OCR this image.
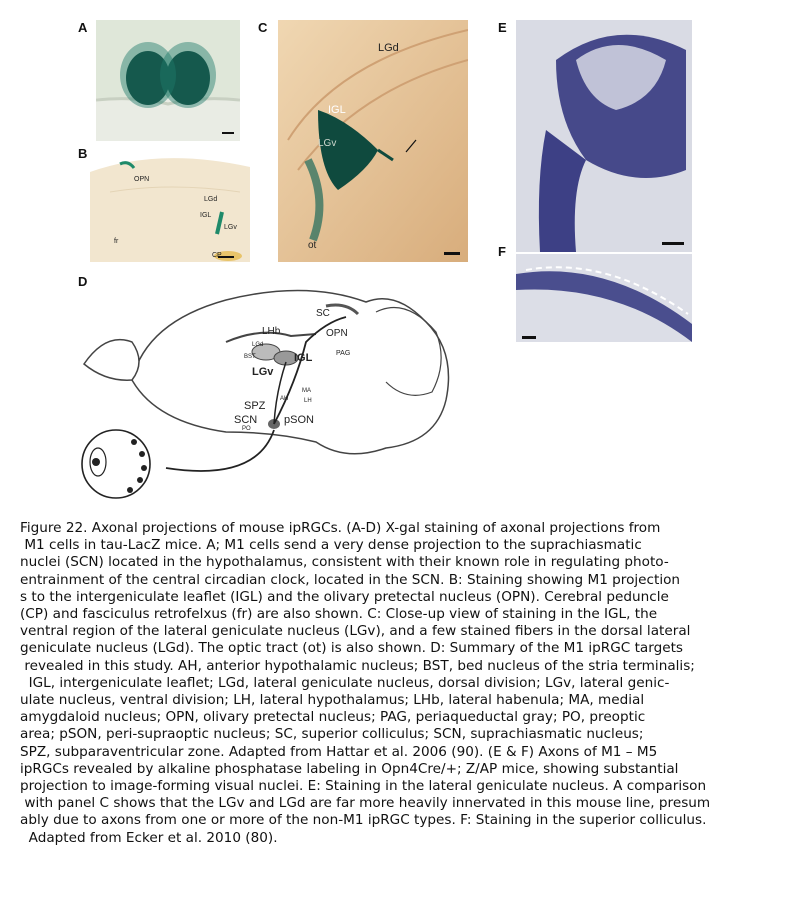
A
B
OPN
LGd
IGL
LGv
CP
fr
C
LGd
IGL
LGv
ot
E
F
D
SC
OPN
LHb
LGd
BST	IGL
LGv
PAG
MA
AH	LH
SPZ
SCN
PO
pSON
Figure 22. Axonal projections of mouse ipRGCs. (A-D) X-gal staining of axonal projections from
M1 cells in tau-LacZ mice. A; M1 cells send a very dense projection to the suprachiasmatic
nuclei (SCN) located in the hypothalamus, consistent with their known role in regulating photo-
entrainment of the central circadian clock, located in the SCN. B: Staining showing M1 projection
s to the intergeniculate leaflet (IGL) and the olivary pretectal nucleus (OPN). Cerebral peduncle
(CP) and fasciculus retrofelxus (fr) are also shown. C: Close-up view of staining in the IGL, the
ventral region of the lateral geniculate nucleus (LGv), and a few stained fibers in the dorsal lateral
geniculate nucleus (LGd). The optic tract (ot) is also shown. D: Summary of the M1 ipRGC targets
revealed in this study. AH, anterior hypothalamic nucleus; BST, bed nucleus of the stria terminalis;
IGL, intergeniculate leaflet; LGd, lateral geniculate nucleus, dorsal division; LGv, lateral genic-
ulate nucleus, ventral division; LH, lateral hypothalamus; LHb, lateral habenula; MA, medial
amygdaloid nucleus; OPN, olivary pretectal nucleus; PAG, periaqueductal gray; PO, preoptic
area; pSON, peri-supraoptic nucleus; SC, superior colliculus; SCN, suprachiasmatic nucleus;
SPZ, subparaventricular zone. Adapted from Hattar et al. 2006 (90). (E & F) Axons of M1 – M5
ipRGCs revealed by alkaline phosphatase labeling in Opn4Cre/+; Z/AP mice, showing substantial
projection to image-forming visual nuclei. E: Staining in the lateral geniculate nucleus. A comparison
with panel C shows that the LGv and LGd are far more heavily innervated in this mouse line, presum
ably due to axons from one or more of the non-M1 ipRGC types. F: Staining in the superior colliculus.
Adapted from Ecker et al. 2010 (80).
